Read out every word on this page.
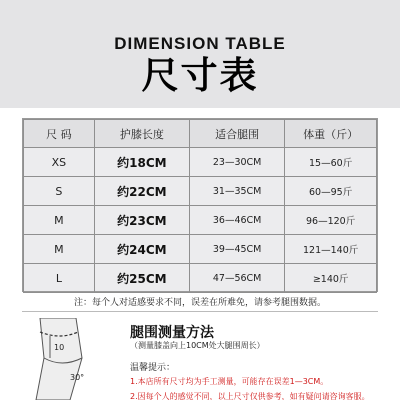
DIMENSION TABLE
尺寸表
尺 码	护膝长度	适合腿围	体重（斤）
XS	约18CM	23—30CM	15—60斤
S	约22CM	31—35CM	60—95斤
M	约23CM	36—46CM	96—120斤
M	约24CM	39—45CM	121—140斤
L	约25CM	47—56CM	≥140斤
注：每个人对适感要求不同，误差在所难免，请参考腿围数据。
10
30°
腿围测量方法
（测量膝盖向上10CM处大腿围周长）
温馨提示：
1.本店所有尺寸均为手工测量，可能存在误差1—3CM。
2.因每个人的感觉不同，以上尺寸仅供参考，如有疑问请咨询客服。
